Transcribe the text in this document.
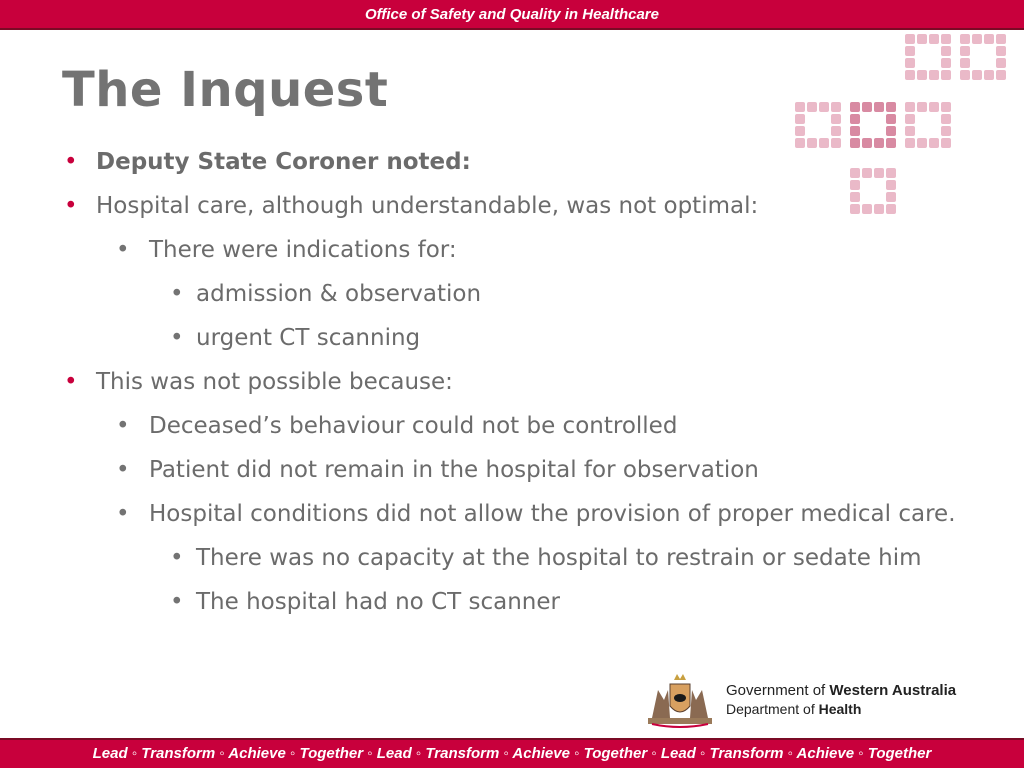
Office of Safety and Quality in Healthcare
The Inquest
• Deputy State Coroner noted:
• Hospital care, although understandable, was not optimal:
• There were indications for:
• admission & observation
• urgent CT scanning
• This was not possible because:
• Deceased’s behaviour could not be controlled
• Patient did not remain in the hospital for observation
• Hospital conditions did not allow the provision of proper medical care.
• There was no capacity at the hospital to restrain or sedate him
• The hospital had no CT scanner
Government of Western Australia
Department of Health
Lead ◦ Transform ◦ Achieve ◦ Together ◦ Lead ◦ Transform ◦ Achieve ◦ Together ◦ Lead ◦ Transform ◦ Achieve ◦ Together
